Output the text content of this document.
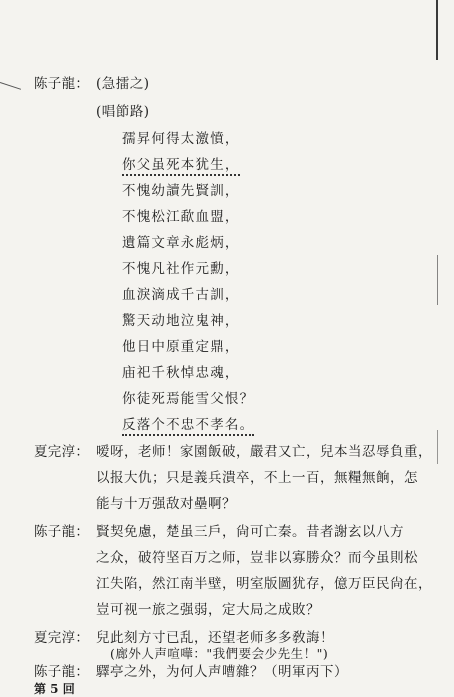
陈子龍： (急擂之)
(唱節路)
孺昇何得太激憤，
你父虽死本犹生，
不愧幼讀先賢訓，
不愧松江歃血盟，
遺篇文章永彪炳，
不愧凡社作元勳，
血淚滴成千古訓，
驚天动地泣鬼神，
他日中原重定鼎，
庙祀千秋悼忠魂，
你徒死焉能雪父恨？
反落个不忠不孝名。
夏完淳： 嗳呀，老师！家園飯破，嚴君又亡，兒本当忍辱負重，
以报大仇；只是義兵潰卒，不上一百，無糧無餉，怎
能与十万强敌对壘啊？
陈子龍： 賢契免慮，楚虽三戶，尙可亡秦。昔者謝玄以八方
之众，破符坚百万之师，豈非以寡勝众？而今虽則松
江失陷，然江南半壁，明室版圖犹存，億万臣民尙在，
豈可视一旅之强弱，定大局之成敗？
夏完淳： 兒此刻方寸已乱，还望老师多多敎誨！
(廊外人声喧嘩："我們要会少先生！")
陈子龍： 驛亭之外，为何人声嘈雜？（明軍丙下）
第 5 回
